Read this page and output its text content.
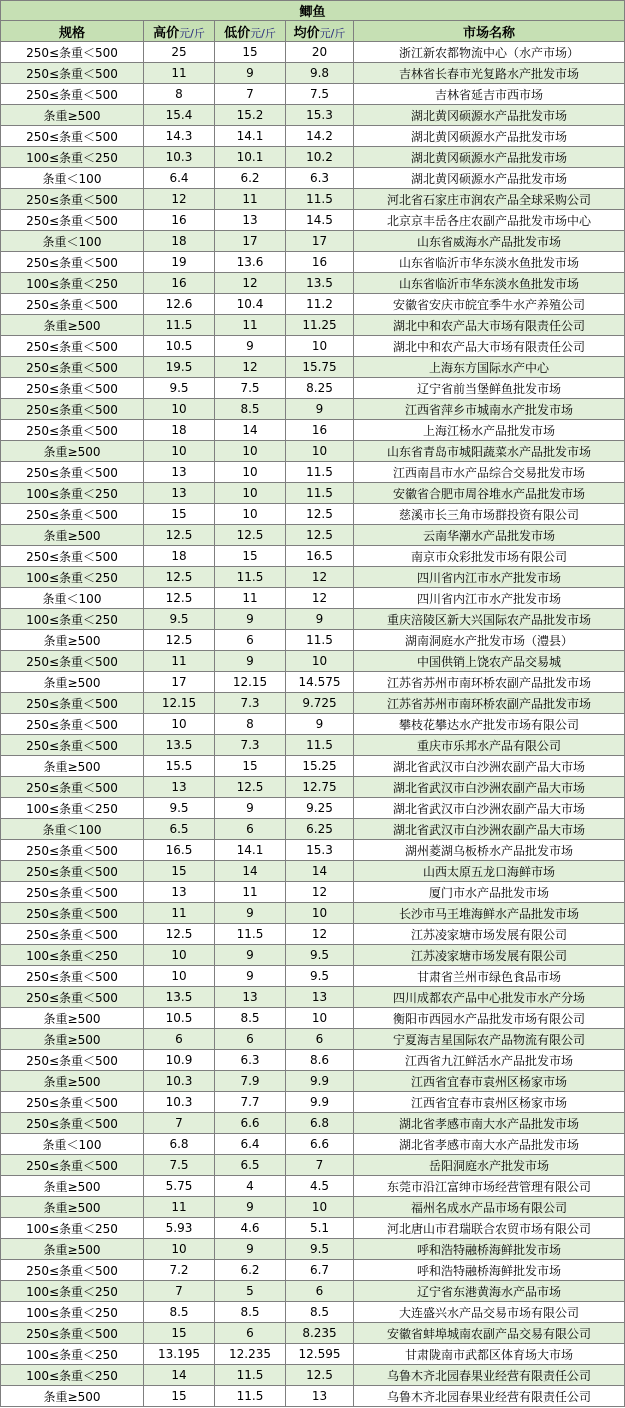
鲫鱼				
规格	高价元/斤	低价元/斤	均价元/斤	市场名称
250≤条重＜500	25	15	20	浙江新农都物流中心（水产市场）
250≤条重＜500	11	9	9.8	吉林省长春市光复路水产批发市场
250≤条重＜500	8	7	7.5	吉林省延吉市西市场
条重≥500	15.4	15.2	15.3	湖北黄冈硕源水产品批发市场
250≤条重＜500	14.3	14.1	14.2	湖北黄冈硕源水产品批发市场
100≤条重＜250	10.3	10.1	10.2	湖北黄冈硕源水产品批发市场
条重＜100	6.4	6.2	6.3	湖北黄冈硕源水产品批发市场
250≤条重＜500	12	11	11.5	河北省石家庄市润农产品全球采购公司
250≤条重＜500	16	13	14.5	北京京丰岳各庄农副产品批发市场中心
条重＜100	18	17	17	山东省威海水产品批发市场
250≤条重＜500	19	13.6	16	山东省临沂市华东淡水鱼批发市场
100≤条重＜250	16	12	13.5	山东省临沂市华东淡水鱼批发市场
250≤条重＜500	12.6	10.4	11.2	安徽省安庆市皖宜季牛水产养殖公司
条重≥500	11.5	11	11.25	湖北中和农产品大市场有限责任公司
250≤条重＜500	10.5	9	10	湖北中和农产品大市场有限责任公司
250≤条重＜500	19.5	12	15.75	上海东方国际水产中心
250≤条重＜500	9.5	7.5	8.25	辽宁省前当堡鲜鱼批发市场
250≤条重＜500	10	8.5	9	江西省萍乡市城南水产批发市场
250≤条重＜500	18	14	16	上海江杨水产品批发市场
条重≥500	10	10	10	山东省青岛市城阳蔬菜水产品批发市场
250≤条重＜500	13	10	11.5	江西南昌市水产品综合交易批发市场
100≤条重＜250	13	10	11.5	安徽省合肥市周谷堆水产品批发市场
250≤条重＜500	15	10	12.5	慈溪市长三角市场群投资有限公司
条重≥500	12.5	12.5	12.5	云南华潮水产品批发市场
250≤条重＜500	18	15	16.5	南京市众彩批发市场有限公司
100≤条重＜250	12.5	11.5	12	四川省内江市水产批发市场
条重＜100	12.5	11	12	四川省内江市水产批发市场
100≤条重＜250	9.5	9	9	重庆涪陵区新大兴国际农产品批发市场
条重≥500	12.5	6	11.5	湖南洞庭水产批发市场（澧县）
250≤条重＜500	11	9	10	中国供销上饶农产品交易城
条重≥500	17	12.15	14.575	江苏省苏州市南环桥农副产品批发市场
250≤条重＜500	12.15	7.3	9.725	江苏省苏州市南环桥农副产品批发市场
250≤条重＜500	10	8	9	攀枝花攀达水产批发市场有限公司
250≤条重＜500	13.5	7.3	11.5	重庆市乐邦水产品有限公司
条重≥500	15.5	15	15.25	湖北省武汉市白沙洲农副产品大市场
250≤条重＜500	13	12.5	12.75	湖北省武汉市白沙洲农副产品大市场
100≤条重＜250	9.5	9	9.25	湖北省武汉市白沙洲农副产品大市场
条重＜100	6.5	6	6.25	湖北省武汉市白沙洲农副产品大市场
250≤条重＜500	16.5	14.1	15.3	湖州菱湖乌板桥水产品批发市场
250≤条重＜500	15	14	14	山西太原五龙口海鲜市场
250≤条重＜500	13	11	12	厦门市水产品批发市场
250≤条重＜500	11	9	10	长沙市马王堆海鲜水产品批发市场
250≤条重＜500	12.5	11.5	12	江苏凌家塘市场发展有限公司
100≤条重＜250	10	9	9.5	江苏凌家塘市场发展有限公司
250≤条重＜500	10	9	9.5	甘肃省兰州市绿色食品市场
250≤条重＜500	13.5	13	13	四川成都农产品中心批发市水产分场
条重≥500	10.5	8.5	10	衡阳市西园水产品批发市场有限公司
条重≥500	6	6	6	宁夏海吉星国际农产品物流有限公司
250≤条重＜500	10.9	6.3	8.6	江西省九江鲜活水产品批发市场
条重≥500	10.3	7.9	9.9	江西省宜春市袁州区杨家市场
250≤条重＜500	10.3	7.7	9.9	江西省宜春市袁州区杨家市场
250≤条重＜500	7	6.6	6.8	湖北省孝感市南大水产品批发市场
条重＜100	6.8	6.4	6.6	湖北省孝感市南大水产品批发市场
250≤条重＜500	7.5	6.5	7	岳阳洞庭水产批发市场
条重≥500	5.75	4	4.5	东莞市沿江富绅市场经营管理有限公司
条重≥500	11	9	10	福州名成水产品市场有限公司
100≤条重＜250	5.93	4.6	5.1	河北唐山市君瑞联合农贸市场有限公司
条重≥500	10	9	9.5	呼和浩特融桥海鲜批发市场
250≤条重＜500	7.2	6.2	6.7	呼和浩特融桥海鲜批发市场
100≤条重＜250	7	5	6	辽宁省东港黄海水产品市场
100≤条重＜250	8.5	8.5	8.5	大连盛兴水产品交易市场有限公司
250≤条重＜500	15	6	8.235	安徽省蚌埠城南农副产品交易有限公司
100≤条重＜250	13.195	12.235	12.595	甘肃陇南市武都区体育场大市场
100≤条重＜250	14	11.5	12.5	乌鲁木齐北园春果业经营有限责任公司
条重≥500	15	11.5	13	乌鲁木齐北园春果业经营有限责任公司
